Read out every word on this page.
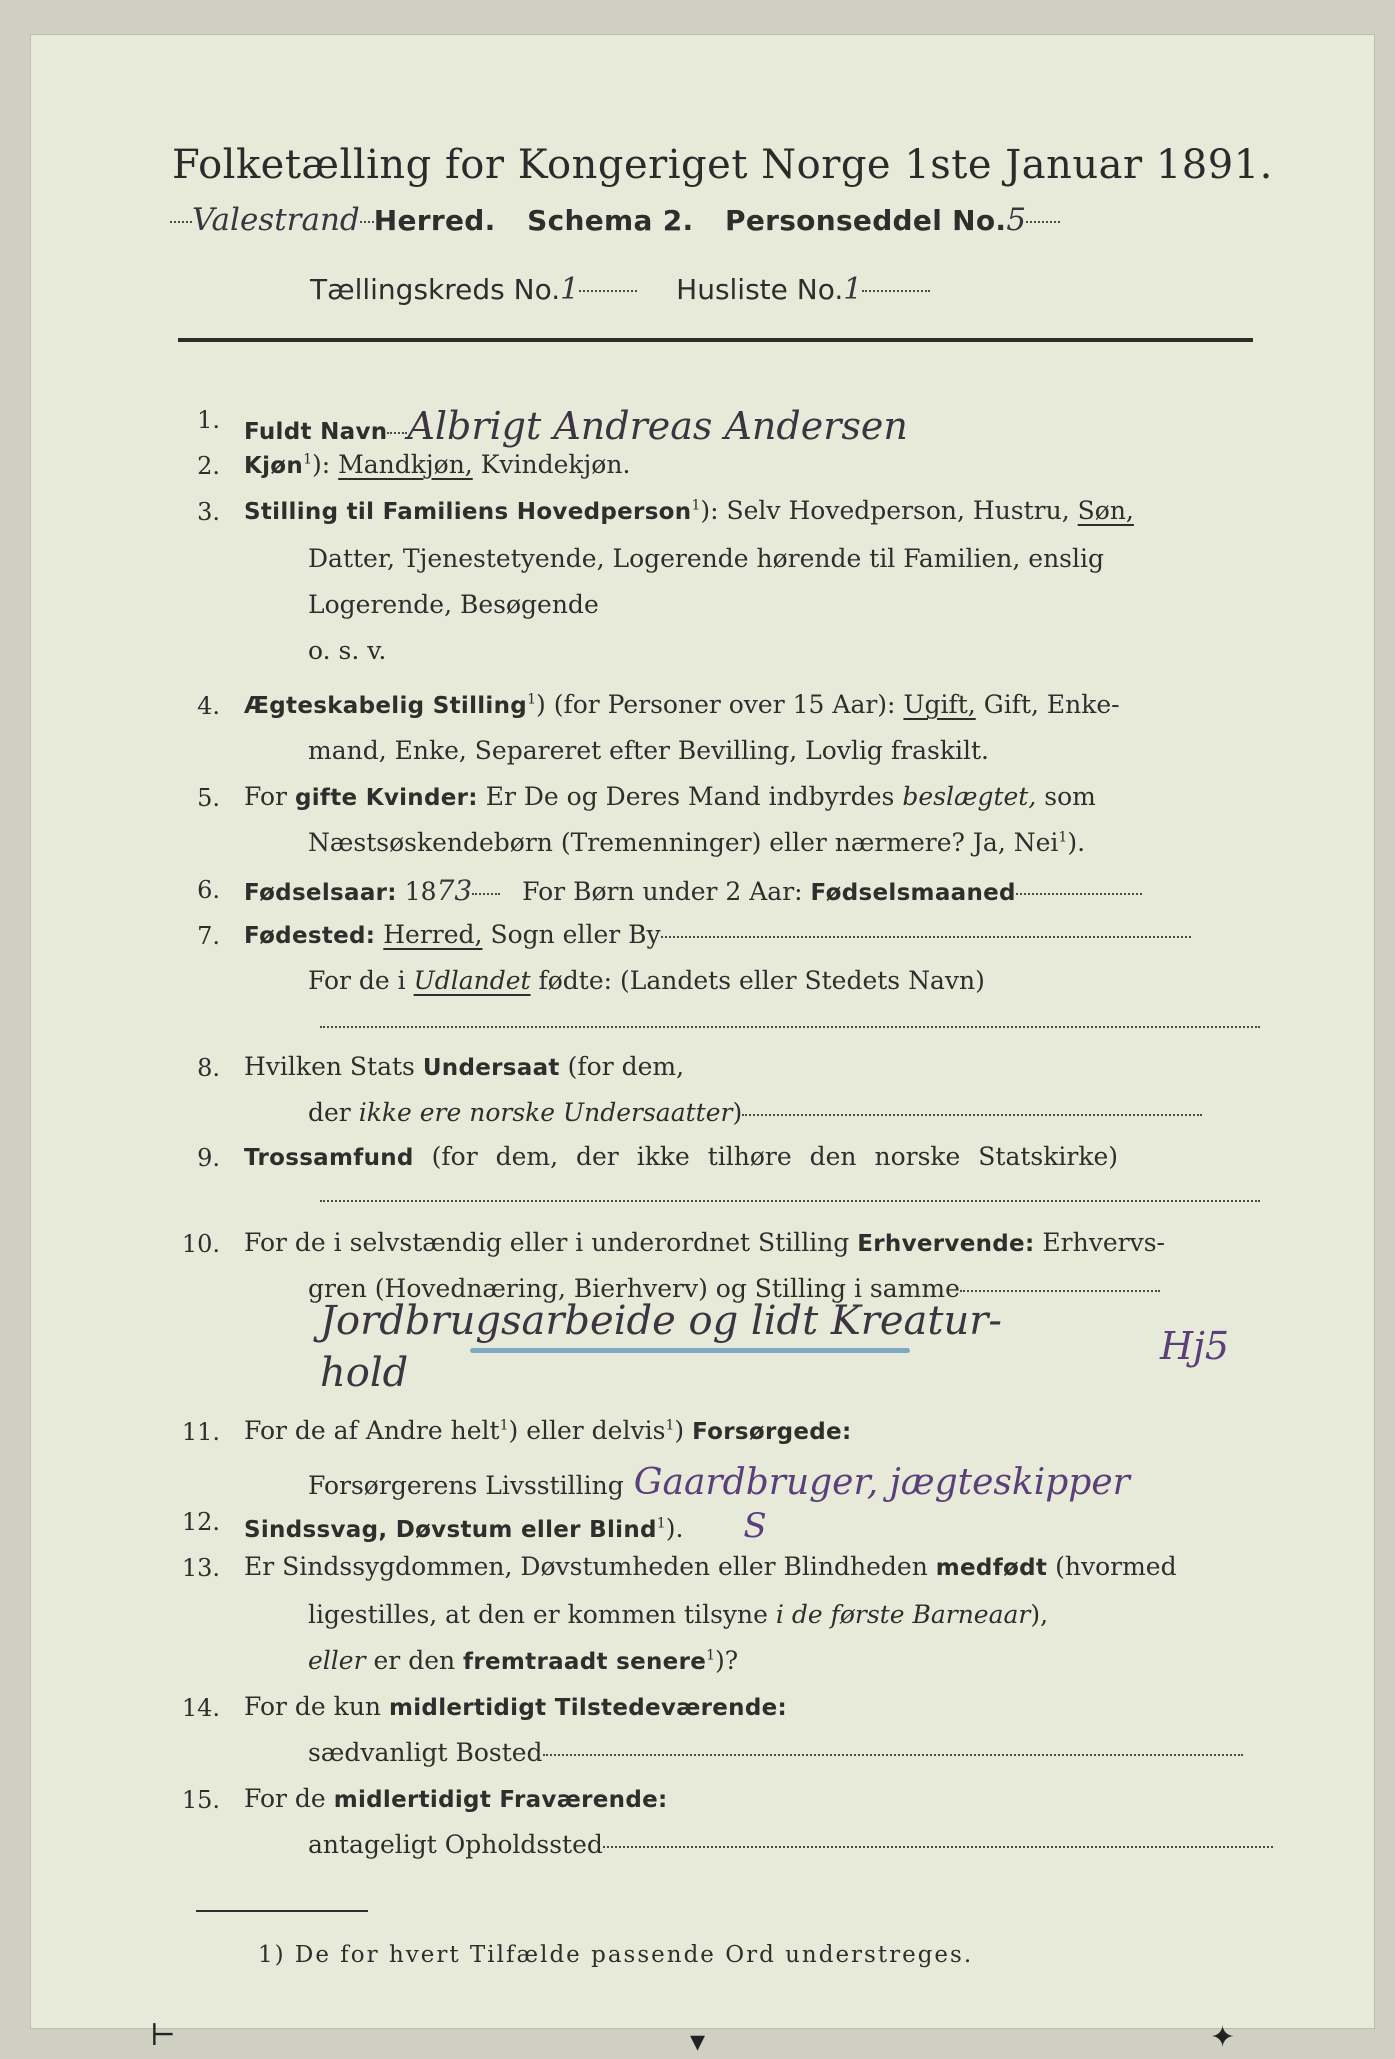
Folketælling for Kongeriget Norge 1ste Januar 1891.
Valestrand Herred. Schema 2. Personseddel No.5
Tællingskreds No.1	Husliste No.1
1. Fuldt Navn Albrigt Andreas Andersen
2. Kjøn$^1$): Mandkjøn, Kvindekjøn.
3. Stilling til Familiens Hovedperson$^1$): Selv Hovedperson, Hustru, Søn,
Datter, Tjenestetyende, Logerende hørende til Familien, enslig
Logerende, Besøgende
o. s. v.
4. Ægteskabelig Stilling$^1$) (for Personer over 15 Aar): Ugift, Gift, Enke-
mand, Enke, Separeret efter Bevilling, Lovlig fraskilt.
5. For gifte Kvinder: Er De og Deres Mand indbyrdes beslægtet, som
Næstsøskendebørn (Tremenninger) eller nærmere? Ja, Nei$^1$).
6. Fødselsaar: 1873 For Børn under 2 Aar: Fødselsmaaned
7. Fødested: Herred, Sogn eller By
For de i Udlandet fødte: (Landets eller Stedets Navn)
8. Hvilken Stats Undersaat (for dem,
der ikke ere norske Undersaatter)
9. Trossamfund (for dem, der ikke tilhøre den norske Statskirke)
10. For de i selvstændig eller i underordnet Stilling Erhvervende: Erhvervs-
gren (Hovednæring, Bierhverv) og Stilling i samme
Jordbrugsarbeide og lidt Kreatur-
hold
Hj5
11. For de af Andre helt$^1$) eller delvis$^1$) Forsørgede:
Forsørgerens Livsstilling Gaardbruger, jægteskipper
12. Sindssvag, Døvstum eller Blind$^1$). S
13. Er Sindssygdommen, Døvstumheden eller Blindheden medfødt (hvormed
ligestilles, at den er kommen tilsyne i de første Barneaar),
eller er den fremtraadt senere$^1$)?
14. For de kun midlertidigt Tilstedeværende:
sædvanligt Bosted
15. For de midlertidigt Fraværende:
antageligt Opholdssted
1) De for hvert Tilfælde passende Ord understreges.
⊢	▾	✦
